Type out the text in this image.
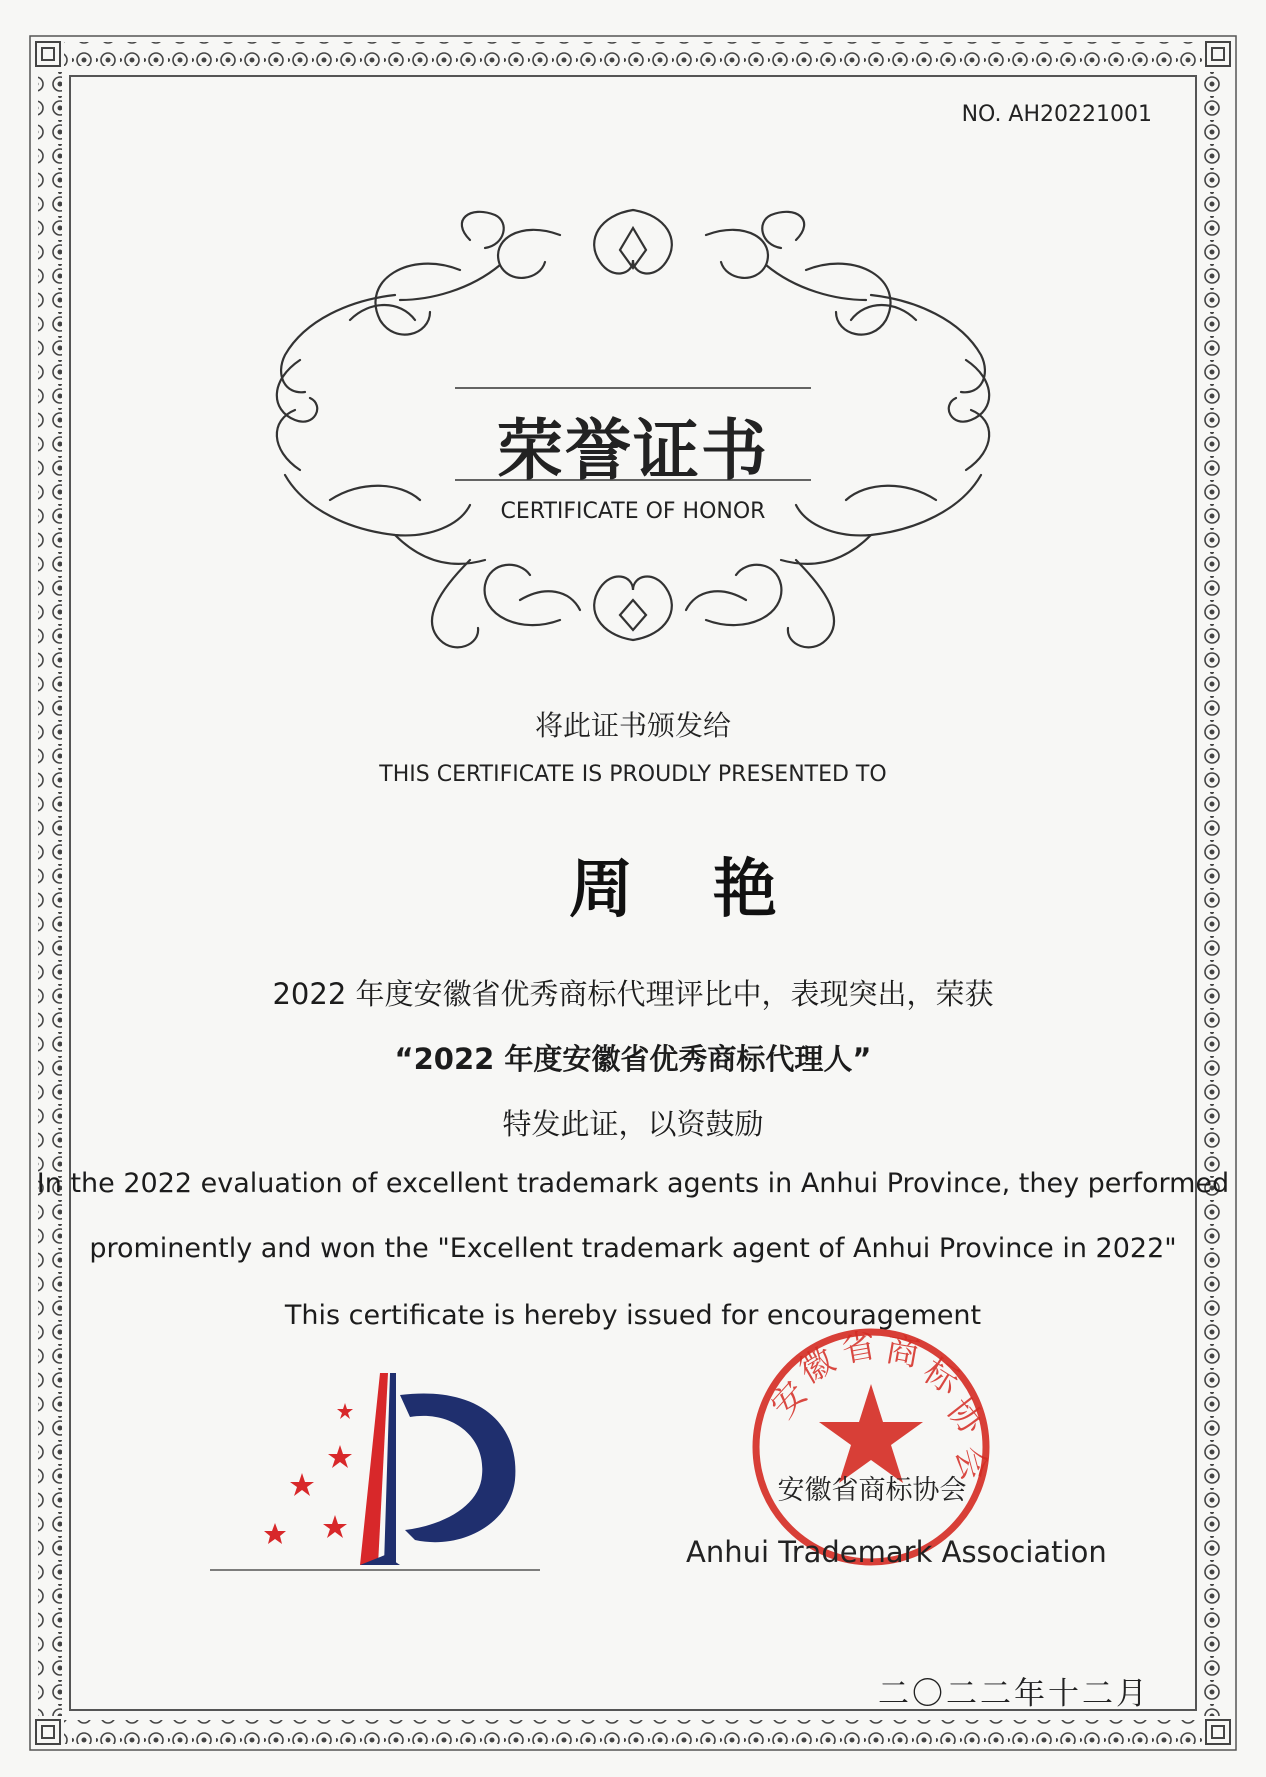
NO. AH20221001
荣誉证书
CERTIFICATE OF HONOR
将此证书颁发给
THIS CERTIFICATE IS PROUDLY PRESENTED TO
周艳
2022 年度安徽省优秀商标代理评比中，表现突出，荣获
“2022 年度安徽省优秀商标代理人”
特发此证，以资鼓励
In the 2022 evaluation of excellent trademark agents in Anhui Province, they performed
prominently and won the "Excellent trademark agent of Anhui Province in 2022"
This certificate is hereby issued for encouragement
安
徽
省 商
标
协
会
安徽省商标协会
Anhui Trademark Association
二〇二二年十二月
